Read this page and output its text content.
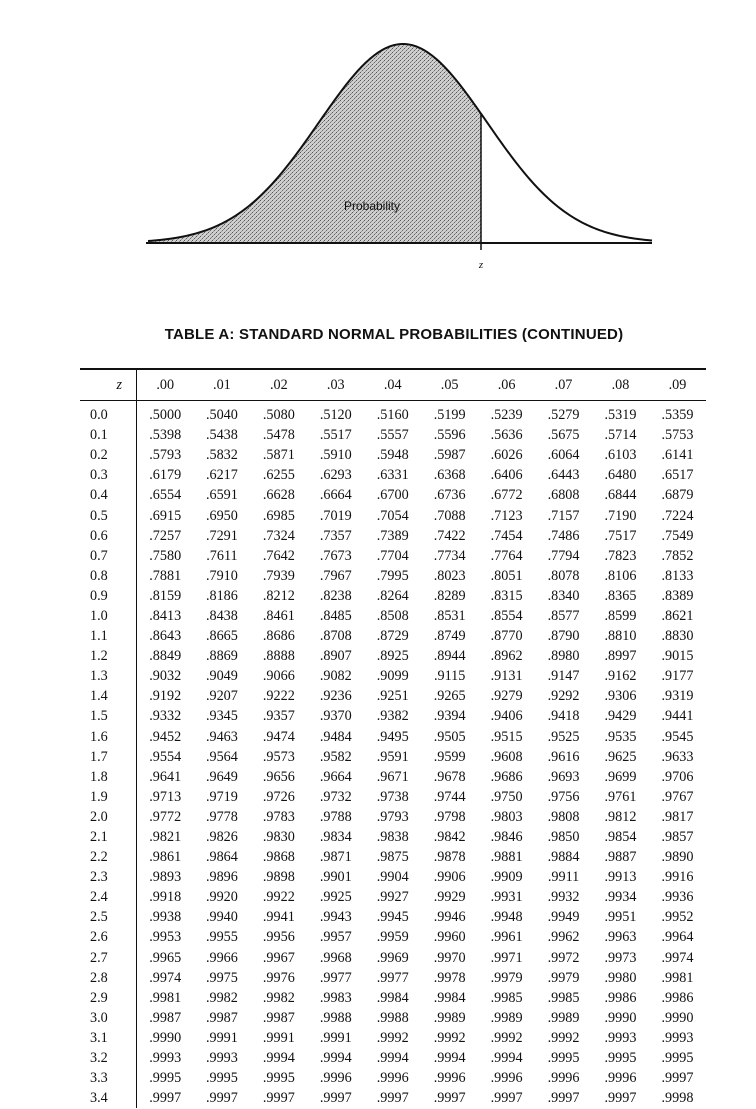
Probability
z
TABLE A: STANDARD NORMAL PROBABILITIES (CONTINUED)
z	.00	.01	.02	.03	.04	.05	.06	.07	.08	.09
0.0	.5000	.5040	.5080	.5120	.5160	.5199	.5239	.5279	.5319	.5359
0.1	.5398	.5438	.5478	.5517	.5557	.5596	.5636	.5675	.5714	.5753
0.2	.5793	.5832	.5871	.5910	.5948	.5987	.6026	.6064	.6103	.6141
0.3	.6179	.6217	.6255	.6293	.6331	.6368	.6406	.6443	.6480	.6517
0.4	.6554	.6591	.6628	.6664	.6700	.6736	.6772	.6808	.6844	.6879
0.5	.6915	.6950	.6985	.7019	.7054	.7088	.7123	.7157	.7190	.7224
0.6	.7257	.7291	.7324	.7357	.7389	.7422	.7454	.7486	.7517	.7549
0.7	.7580	.7611	.7642	.7673	.7704	.7734	.7764	.7794	.7823	.7852
0.8	.7881	.7910	.7939	.7967	.7995	.8023	.8051	.8078	.8106	.8133
0.9	.8159	.8186	.8212	.8238	.8264	.8289	.8315	.8340	.8365	.8389
1.0	.8413	.8438	.8461	.8485	.8508	.8531	.8554	.8577	.8599	.8621
1.1	.8643	.8665	.8686	.8708	.8729	.8749	.8770	.8790	.8810	.8830
1.2	.8849	.8869	.8888	.8907	.8925	.8944	.8962	.8980	.8997	.9015
1.3	.9032	.9049	.9066	.9082	.9099	.9115	.9131	.9147	.9162	.9177
1.4	.9192	.9207	.9222	.9236	.9251	.9265	.9279	.9292	.9306	.9319
1.5	.9332	.9345	.9357	.9370	.9382	.9394	.9406	.9418	.9429	.9441
1.6	.9452	.9463	.9474	.9484	.9495	.9505	.9515	.9525	.9535	.9545
1.7	.9554	.9564	.9573	.9582	.9591	.9599	.9608	.9616	.9625	.9633
1.8	.9641	.9649	.9656	.9664	.9671	.9678	.9686	.9693	.9699	.9706
1.9	.9713	.9719	.9726	.9732	.9738	.9744	.9750	.9756	.9761	.9767
2.0	.9772	.9778	.9783	.9788	.9793	.9798	.9803	.9808	.9812	.9817
2.1	.9821	.9826	.9830	.9834	.9838	.9842	.9846	.9850	.9854	.9857
2.2	.9861	.9864	.9868	.9871	.9875	.9878	.9881	.9884	.9887	.9890
2.3	.9893	.9896	.9898	.9901	.9904	.9906	.9909	.9911	.9913	.9916
2.4	.9918	.9920	.9922	.9925	.9927	.9929	.9931	.9932	.9934	.9936
2.5	.9938	.9940	.9941	.9943	.9945	.9946	.9948	.9949	.9951	.9952
2.6	.9953	.9955	.9956	.9957	.9959	.9960	.9961	.9962	.9963	.9964
2.7	.9965	.9966	.9967	.9968	.9969	.9970	.9971	.9972	.9973	.9974
2.8	.9974	.9975	.9976	.9977	.9977	.9978	.9979	.9979	.9980	.9981
2.9	.9981	.9982	.9982	.9983	.9984	.9984	.9985	.9985	.9986	.9986
3.0	.9987	.9987	.9987	.9988	.9988	.9989	.9989	.9989	.9990	.9990
3.1	.9990	.9991	.9991	.9991	.9992	.9992	.9992	.9992	.9993	.9993
3.2	.9993	.9993	.9994	.9994	.9994	.9994	.9994	.9995	.9995	.9995
3.3	.9995	.9995	.9995	.9996	.9996	.9996	.9996	.9996	.9996	.9997
3.4	.9997	.9997	.9997	.9997	.9997	.9997	.9997	.9997	.9997	.9998
